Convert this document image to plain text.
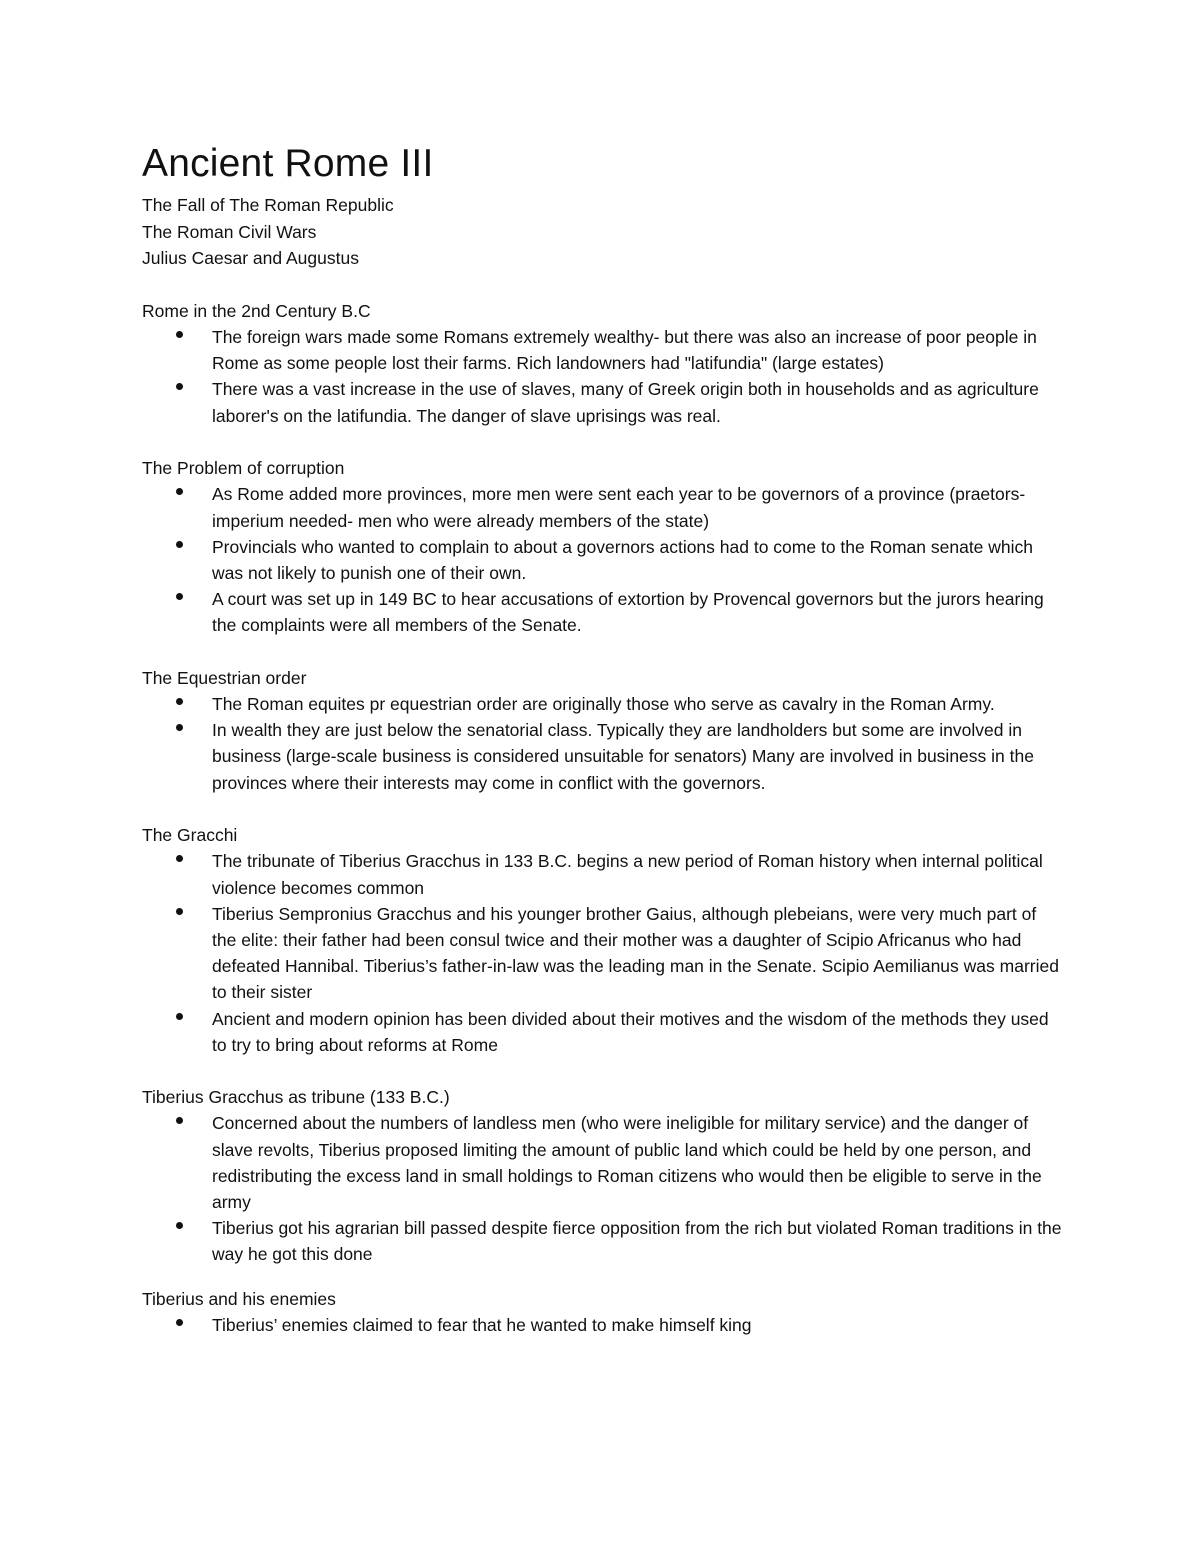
Ancient Rome III
The Fall of The Roman Republic
The Roman Civil Wars
Julius Caesar and Augustus
Rome in the 2nd Century B.C
The foreign wars made some Romans extremely wealthy- but there was also an increase of poor people in Rome as some people lost their farms. Rich landowners had "latifundia" (large estates)
There was a vast increase in the use of slaves, many of Greek origin both in households and as agriculture laborer's on the latifundia. The danger of slave uprisings was real.
The Problem of corruption
As Rome added more provinces, more men were sent each year to be governors of a province (praetors- imperium needed- men who were already members of the state)
Provincials who wanted to complain to about a governors actions had to come to the Roman senate which was not likely to punish one of their own.
A court was set up in 149 BC to hear accusations of extortion by Provencal governors but the jurors hearing the complaints were all members of the Senate.
The Equestrian order
The Roman equites pr equestrian order are originally those who serve as cavalry in the Roman Army.
In wealth they are just below the senatorial class. Typically they are landholders but some are involved in business (large-scale business is considered unsuitable for senators) Many are involved in business in the provinces where their interests may come in conflict with the governors.
The Gracchi
The tribunate of Tiberius Gracchus in 133 B.C. begins a new period of Roman history when internal political violence becomes common
Tiberius Sempronius Gracchus and his younger brother Gaius, although plebeians, were very much part of the elite: their father had been consul twice and their mother was a daughter of Scipio Africanus who had defeated Hannibal. Tiberius’s father-in-law was the leading man in the Senate. Scipio Aemilianus was married to their sister
Ancient and modern opinion has been divided about their motives and the wisdom of the methods they used to try to bring about reforms at Rome
Tiberius Gracchus as tribune (133 B.C.)
Concerned about the numbers of landless men (who were ineligible for military service) and the danger of slave revolts, Tiberius proposed limiting the amount of public land which could be held by one person, and redistributing the excess land in small holdings to Roman citizens who would then be eligible to serve in the army
Tiberius got his agrarian bill passed despite fierce opposition from the rich but violated Roman traditions in the way he got this done
Tiberius and his enemies
Tiberius’ enemies claimed to fear that he wanted to make himself king
